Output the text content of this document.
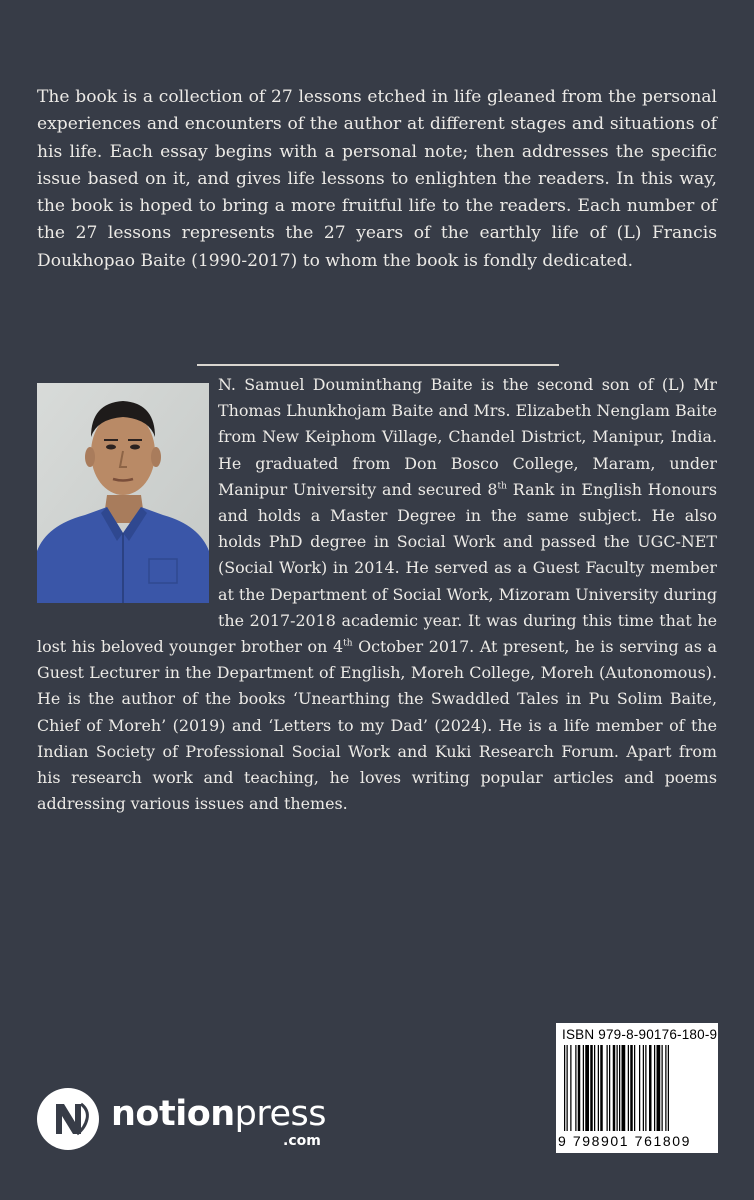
The book is a collection of 27 lessons etched in life gleaned from the personal experiences and encounters of the author at different stages and situations of his life. Each essay begins with a personal note; then addresses the specific issue based on it, and gives life lessons to enlighten the readers. In this way, the book is hoped to bring a more fruitful life to the readers. Each number of the 27 lessons represents the 27 years of the earthly life of (L) Francis Doukhopao Baite (1990-2017) to whom the book is fondly dedicated.

N. Samuel Douminthang Baite is the second son of (L) Mr Thomas Lhunkhojam Baite and Mrs. Elizabeth Nenglam Baite from New Keiphom Village, Chandel District, Manipur, India. He graduated from Don Bosco College, Maram, under Manipur University and secured 8th Rank in English Honours and holds a Master Degree in the same subject. He also holds PhD degree in Social Work and passed the UGC-NET (Social Work) in 2014. He served as a Guest Faculty member at the Department of Social Work, Mizoram University during the 2017-2018 academic year. It was during this time that he lost his beloved younger brother on 4th October 2017. At present, he is serving as a Guest Lecturer in the Department of English, Moreh College, Moreh (Autonomous). He is the author of the books ‘Unearthing the Swaddled Tales in Pu Solim Baite, Chief of Moreh’ (2019) and ‘Letters to my Dad’ (2024). He is a life member of the Indian Society of Professional Social Work and Kuki Research Forum. Apart from his research work and teaching, he loves writing popular articles and poems addressing various issues and themes.

notionpress
.com
ISBN 979-8-90176-180-9
9 798901 761809
